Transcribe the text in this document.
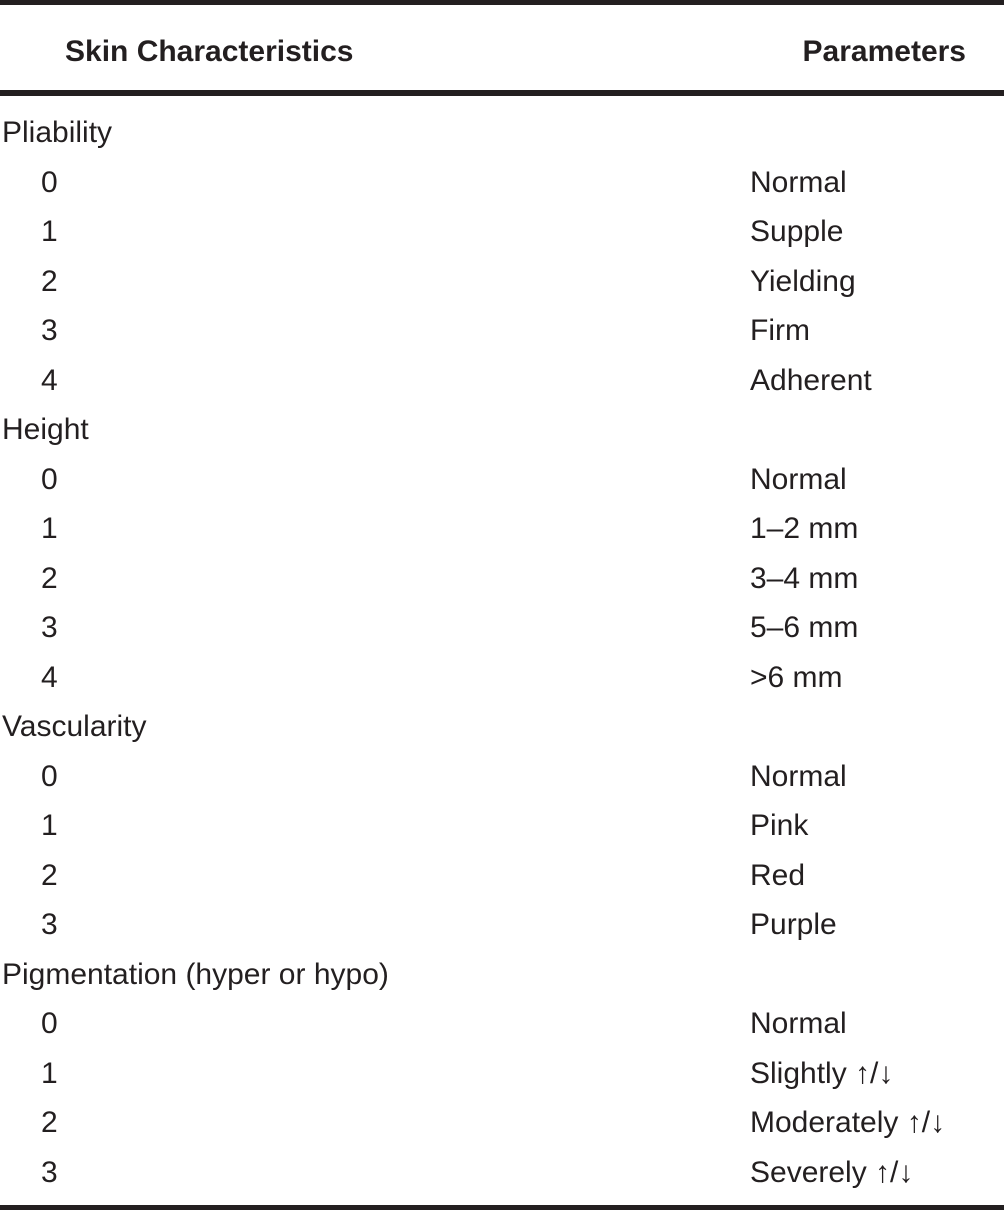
Skin Characteristics	Parameters
Pliability
0	Normal
1	Supple
2	Yielding
3	Firm
4	Adherent
Height
0	Normal
1	1–2 mm
2	3–4 mm
3	5–6 mm
4	>6 mm
Vascularity
0	Normal
1	Pink
2	Red
3	Purple
Pigmentation (hyper or hypo)
0	Normal
1	Slightly ↑/↓
2	Moderately ↑/↓
3	Severely ↑/↓
